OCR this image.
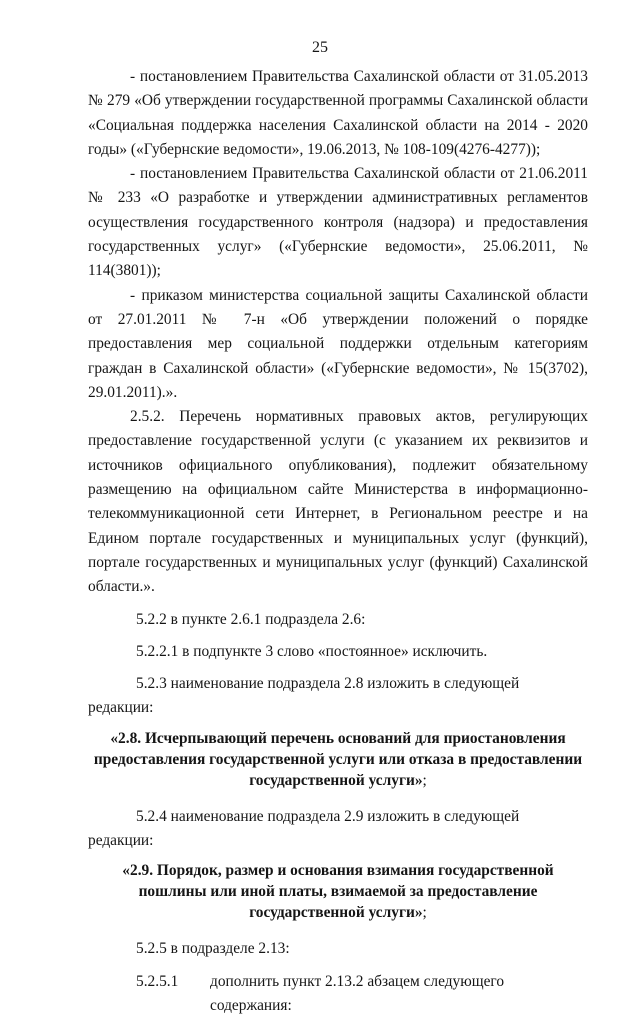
25

- постановлением Правительства Сахалинской области от 31.05.2013 № 279 «Об утверждении государственной программы Сахалинской области «Социальная поддержка населения Сахалинской области на 2014 - 2020 годы» («Губернские ведомости», 19.06.2013, № 108-109(4276-4277));

- постановлением Правительства Сахалинской области от 21.06.2011 № 233 «О разработке и утверждении административных регламентов осуществления государственного контроля (надзора) и предоставления государственных услуг» («Губернские ведомости», 25.06.2011, № 114(3801));

- приказом министерства социальной защиты Сахалинской области от 27.01.2011 № 7-н «Об утверждении положений о порядке предоставления мер социальной поддержки отдельным категориям граждан в Сахалинской области» («Губернские ведомости», № 15(3702), 29.01.2011).».

2.5.2. Перечень нормативных правовых актов, регулирующих предоставление государственной услуги (с указанием их реквизитов и источников официального опубликования), подлежит обязательному размещению на официальном сайте Министерства в информационно-телекоммуникационной сети Интернет, в Региональном реестре и на Едином портале государственных и муниципальных услуг (функций), портале государственных и муниципальных услуг (функций) Сахалинской области.».

5.2.2 в пункте 2.6.1 подраздела 2.6:

5.2.2.1 в подпункте 3 слово «постоянное» исключить.

5.2.3 наименование подраздела 2.8 изложить в следующей редакции:

«2.8. Исчерпывающий перечень оснований для приостановления предоставления государственной услуги или отказа в предоставлении государственной услуги»;

5.2.4 наименование подраздела 2.9 изложить в следующей редакции:

«2.9. Порядок, размер и основания взимания государственной пошлины или иной платы, взимаемой за предоставление государственной услуги»;

5.2.5 в подразделе 2.13:

5.2.5.1	дополнить пункт 2.13.2 абзацем следующего содержания:
